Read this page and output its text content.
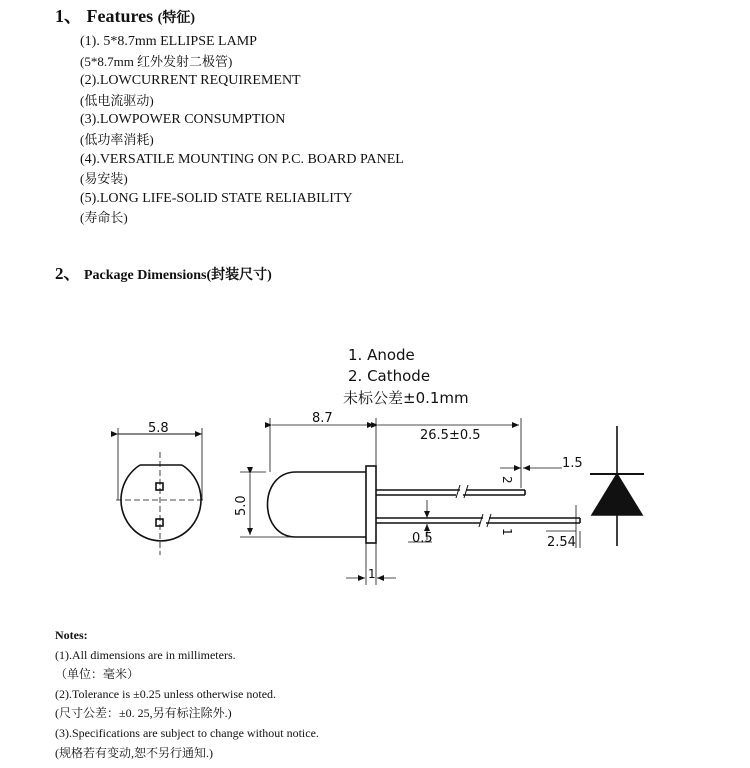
1、 Features (特征)
(1). 5*8.7mm ELLIPSE LAMP
(5*8.7mm 红外发射二极管)
(2).LOWCURRENT REQUIREMENT
(低电流驱动)
(3).LOWPOWER CONSUMPTION
(低功率消耗)
(4).VERSATILE MOUNTING ON P.C. BOARD PANEL
(易安装)
(5).LONG LIFE-SOLID STATE RELIABILITY
(寿命长)
2、 Package Dimensions(封装尺寸)
1. Anode
2. Cathode
未标公差±0.1mm
5.8
8.7
26.5±0.5
5.0
0.5
1
2
1
1.5
2.54
Notes:
(1).All dimensions are in millimeters.
（单位：毫米）
(2).Tolerance is ±0.25 unless otherwise noted.
(尺寸公差：±0. 25,另有标注除外.)
(3).Specifications are subject to change without notice.
(规格若有变动,恕不另行通知.)
